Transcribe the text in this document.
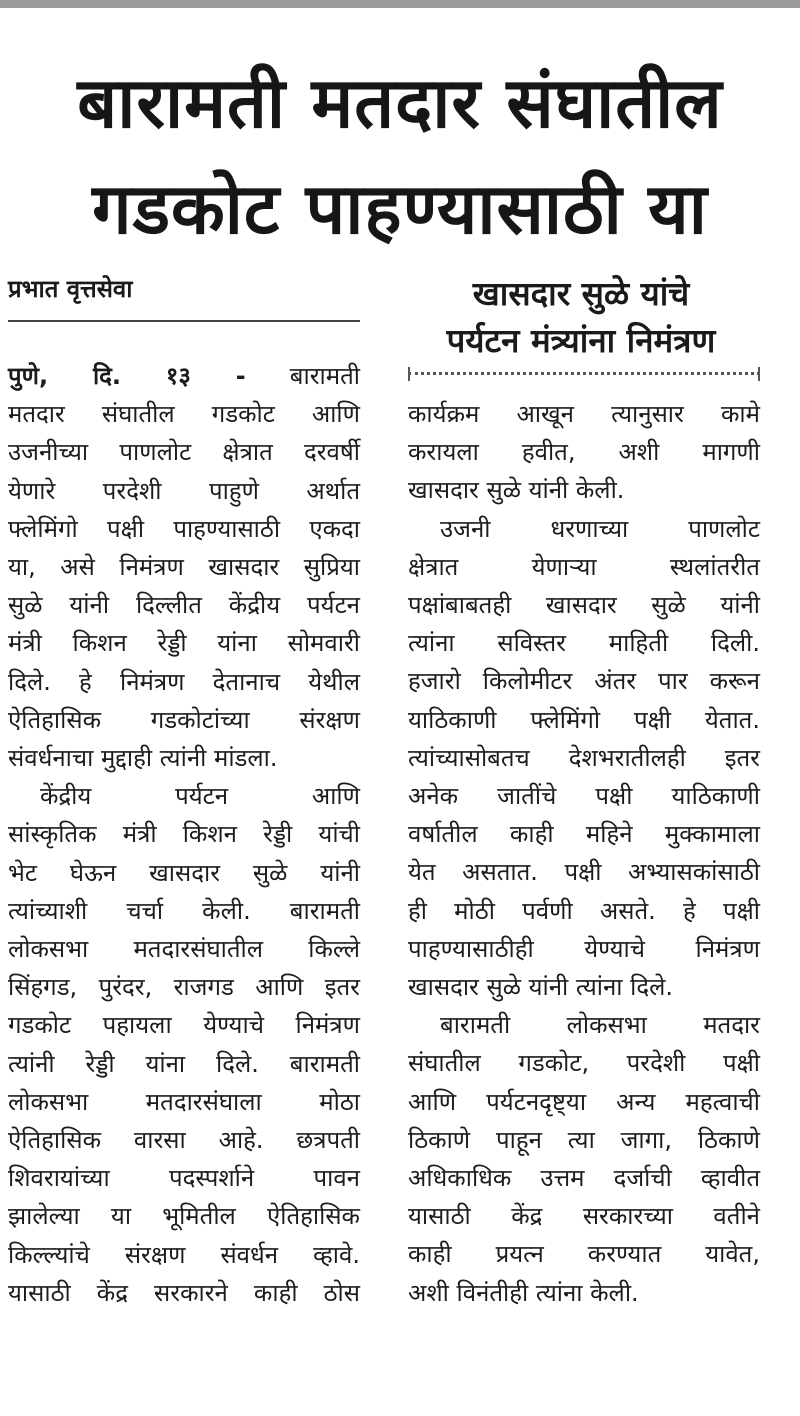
बारामती मतदार संघातील
गडकोट पाहण्यासाठी या
प्रभात वृत्तसेवा	खासदार सुळे यांचे
पर्यटन मंत्र्यांना निमंत्रण
पुणे, दि. १३ - बारामती
मतदार संघातील गडकोट आणि
उजनीच्या पाणलोट क्षेत्रात दरवर्षी
येणारे परदेशी पाहुणे अर्थात
फ्लेमिंगो पक्षी पाहण्यासाठी एकदा
या, असे निमंत्रण खासदार सुप्रिया
सुळे यांनी दिल्लीत केंद्रीय पर्यटन
मंत्री किशन रेड्डी यांना सोमवारी
दिले. हे निमंत्रण देतानाच येथील
ऐतिहासिक गडकोटांच्या संरक्षण
संवर्धनाचा मुद्दाही त्यांनी मांडला.
केंद्रीय पर्यटन आणि
सांस्कृतिक मंत्री किशन रेड्डी यांची
भेट घेऊन खासदार सुळे यांनी
त्यांच्याशी चर्चा केली. बारामती
लोकसभा मतदारसंघातील किल्ले
सिंहगड, पुरंदर, राजगड आणि इतर
गडकोट पहायला येण्याचे निमंत्रण
त्यांनी रेड्डी यांना दिले. बारामती
लोकसभा मतदारसंघाला मोठा
ऐतिहासिक वारसा आहे. छत्रपती
शिवरायांच्या पदस्पर्शाने पावन
झालेल्या या भूमितील ऐतिहासिक
किल्ल्यांचे संरक्षण संवर्धन व्हावे.
यासाठी केंद्र सरकारने काही ठोस
कार्यक्रम आखून त्यानुसार कामे
करायला हवीत, अशी मागणी
खासदार सुळे यांनी केली.
उजनी धरणाच्या पाणलोट
क्षेत्रात येणाऱ्या स्थलांतरीत
पक्षांबाबतही खासदार सुळे यांनी
त्यांना सविस्तर माहिती दिली.
हजारो किलोमीटर अंतर पार करून
याठिकाणी फ्लेमिंगो पक्षी येतात.
त्यांच्यासोबतच देशभरातीलही इतर
अनेक जातींचे पक्षी याठिकाणी
वर्षातील काही महिने मुक्कामाला
येत असतात. पक्षी अभ्यासकांसाठी
ही मोठी पर्वणी असते. हे पक्षी
पाहण्यासाठीही येण्याचे निमंत्रण
खासदार सुळे यांनी त्यांना दिले.
बारामती लोकसभा मतदार
संघातील गडकोट, परदेशी पक्षी
आणि पर्यटनदृष्ट्या अन्य महत्वाची
ठिकाणे पाहून त्या जागा, ठिकाणे
अधिकाधिक उत्तम दर्जाची व्हावीत
यासाठी केंद्र सरकारच्या वतीने
काही प्रयत्न करण्यात यावेत,
अशी विनंतीही त्यांना केली.
